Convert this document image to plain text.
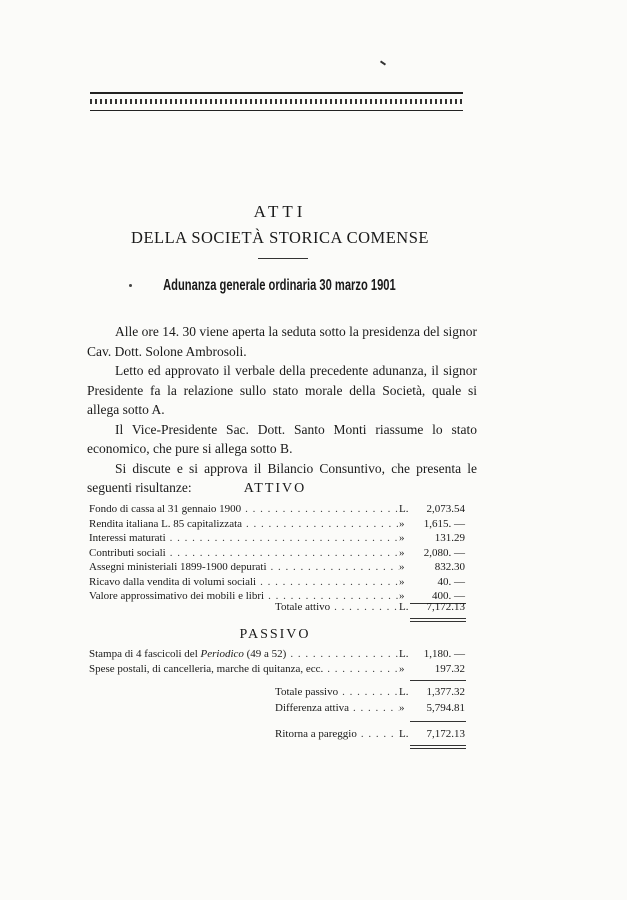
ATTI
DELLA SOCIETÀ STORICA COMENSE
Adunanza generale ordinaria 30 marzo 1901

Alle ore 14. 30 viene aperta la seduta sotto la presidenza del signor Cav. Dott. Solone Ambrosoli.

Letto ed approvato il verbale della precedente adunanza, il signor Presidente fa la relazione sullo stato morale della Società, quale si allega sotto A.

Il Vice-Presidente Sac. Dott. Santo Monti riassume lo stato economico, che pure si allega sotto B.

Si discute e si approva il Bilancio Consuntivo, che presenta le seguenti risultanze:	ATTIVO
Fondo di cassa al 31 gennaio 1900 . . .	L.	2,073.54
Rendita italiana L. 85 capitalizzata . . .	»	1,615. —
Interessi maturati . . .	»	131.29
Contributi sociali . . .	»	2,080. —
Assegni ministeriali 1899-1900 depurati . . .	»	832.30
Ricavo dalla vendita di volumi sociali . . .	»	40. —
Valore approssimativo dei mobili e libri . . .	»	400. —
Totale attivo . . .	L.	7,172.13
PASSIVO
Stampa di 4 fascicoli del Periodico (49 a 52) . . .	L.	1,180. —
Spese postali, di cancelleria, marche di quitanza, ecc. . . .	»	197.32
Totale passivo . . .	L.	1,377.32
Differenza attiva . . .	»	5,794.81
Ritorna a pareggio . . .	L.	7,172.13
